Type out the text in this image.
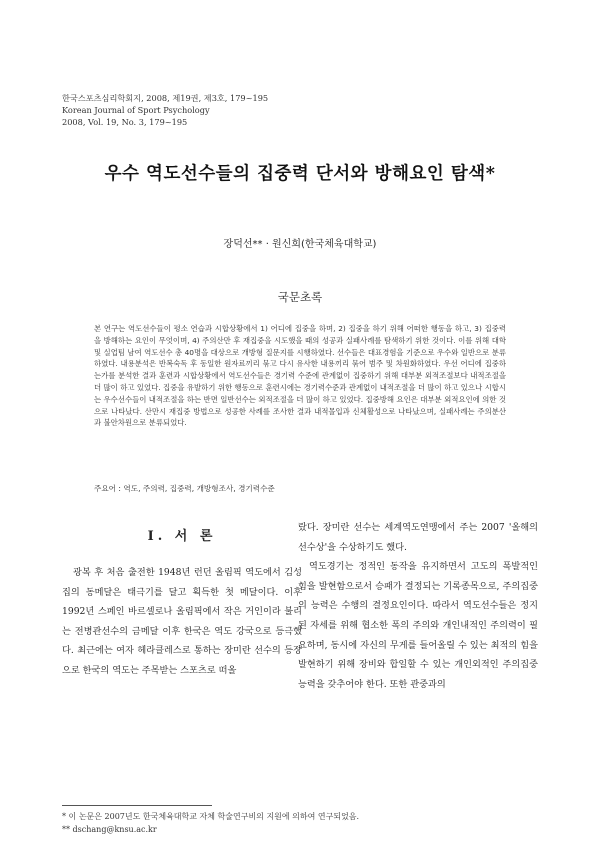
한국스포츠심리학회지, 2008, 제19권, 제3호, 179~195
Korean Journal of Sport Psychology
2008, Vol. 19, No. 3, 179~195
우수 역도선수들의 집중력 단서와 방해요인 탐색*
장덕선** · 원신희(한국체육대학교)
국문초록

본 연구는 역도선수들이 평소 연습과 시합상황에서 1) 어디에 집중을 하며, 2) 집중을 하기 위해 어떠한 행동을 하고, 3) 집중력을 방해하는 요인이 무엇이며, 4) 주의산만 후 재집중을 시도했을 때의 성공과 실패사례를 탐색하기 위한 것이다. 이를 위해 대학 및 실업팀 남여 역도선수 총 40명을 대상으로 개방형 질문지를 시행하였다. 선수들은 대표경험을 기준으로 우수와 일반으로 분류하였다. 내용분석은 반복숙독 후 동일한 원자료끼리 묶고 다시 유사한 내용끼리 묶어 범주 및 차원화하였다. 우선 어디에 집중하는가를 분석한 결과 훈련과 시합상황에서 역도선수들은 경기력 수준에 관계없이 집중하기 위해 대부분 외적조절보다 내적조절을 더 많이 하고 있었다. 집중을 유발하기 위한 행동으로 훈련시에는 경기력수준과 관계없이 내적조절을 더 많이 하고 있으나 시합시는 우수선수들이 내적조절을 하는 반면 일반선수는 외적조절을 더 많이 하고 있었다. 집중방해 요인은 대부분 외적요인에 의한 것으로 나타났다. 산만시 재집중 방법으로 성공한 사례를 조사한 결과 내적몰입과 신체활성으로 나타났으며, 실패사례는 주의분산과 불안차원으로 분류되었다.

주요어 : 역도, 주의력, 집중력, 개방형조사, 경기력수준
I. 서 론

광복 후 처음 출전한 1948년 런던 올림픽 역도에서 김성집의 동메달은 태극기를 달고 획득한 첫 메달이다. 이후 1992년 스페인 바르셀로나 올림픽에서 작은 거인이라 불리는 전병관선수의 금메달 이후 한국은 역도 강국으로 등극했다. 최근에는 여자 헤라클레스로 통하는 장미란 선수의 등장으로 한국의 역도는 주목받는 스포츠로 떠올

랐다. 장미란 선수는 세계역도연맹에서 주는 2007 '올해의 선수상'을 수상하기도 했다.

역도경기는 정적인 동작을 유지하면서 고도의 폭발적인 힘을 발현함으로서 승패가 결정되는 기록종목으로, 주의집중의 능력은 수행의 결정요인이다. 따라서 역도선수들은 정지된 자세를 위해 협소한 폭의 주의와 개인내적인 주의력이 필요하며, 동시에 자신의 무게를 들어올릴 수 있는 최적의 힘을 발현하기 위해 장비와 합일할 수 있는 개인외적인 주의집중 능력을 갖추어야 한다. 또한 관중과의

* 이 논문은 2007년도 한국체육대학교 자체 학술연구비의 지원에 의하여 연구되었음.
** dschang@knsu.ac.kr
